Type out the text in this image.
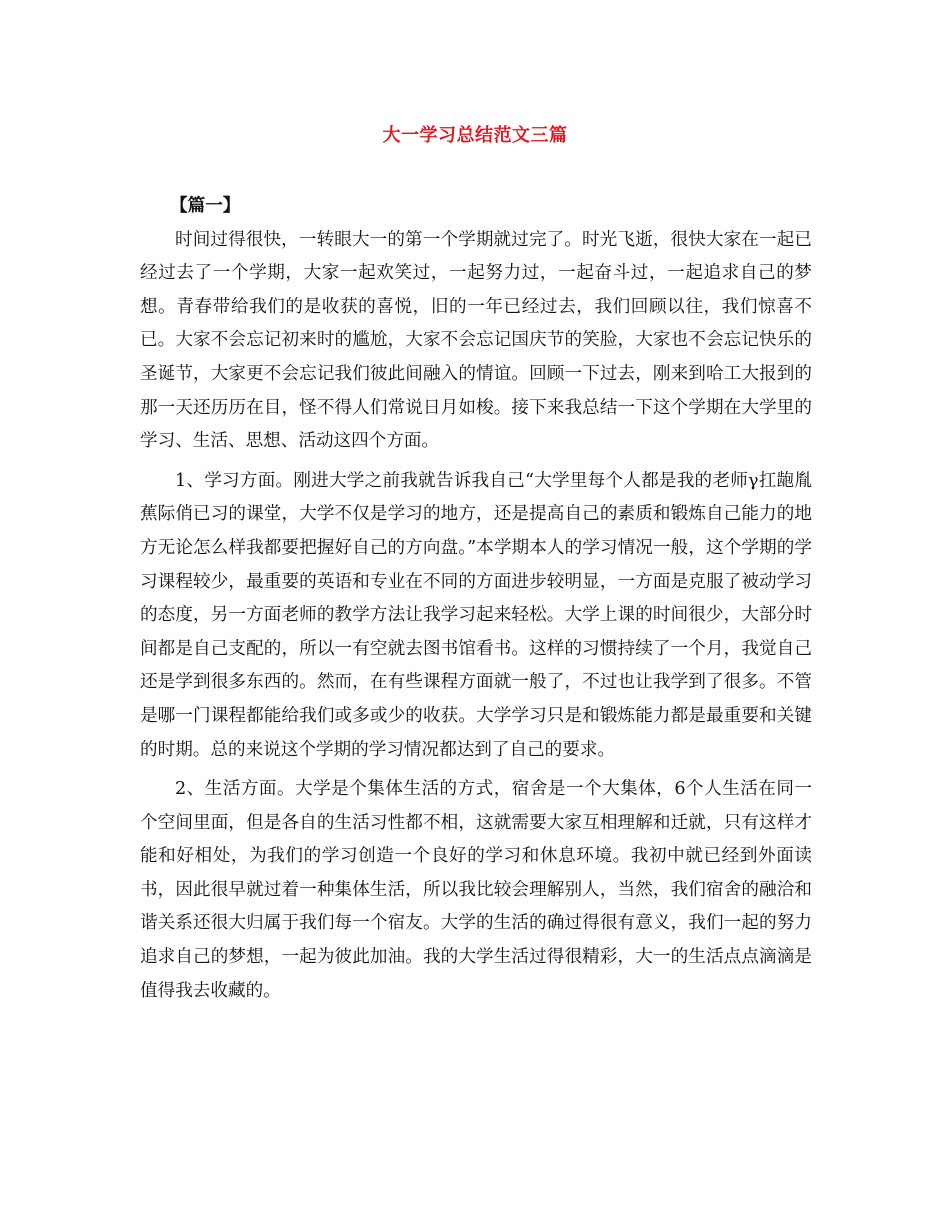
大一学习总结范文三篇

【篇一】

时间过得很快，一转眼大一的第一个学期就过完了。时光飞逝，很快大家在一起已经过去了一个学期，大家一起欢笑过，一起努力过，一起奋斗过，一起追求自己的梦想。青春带给我们的是收获的喜悦，旧的一年已经过去，我们回顾以往，我们惊喜不已。大家不会忘记初来时的尴尬，大家不会忘记国庆节的笑脸，大家也不会忘记快乐的圣诞节，大家更不会忘记我们彼此间融入的情谊。回顾一下过去，刚来到哈工大报到的那一天还历历在目，怪不得人们常说日月如梭。接下来我总结一下这个学期在大学里的学习、生活、思想、活动这四个方面。

1、学习方面。刚进大学之前我就告诉我自己“大学里每个人都是我的老师γ扛龅胤蕉际俏已习的课堂，大学不仅是学习的地方，还是提高自己的素质和锻炼自己能力的地方无论怎么样我都要把握好自己的方向盘。”本学期本人的学习情况一般，这个学期的学习课程较少，最重要的英语和专业在不同的方面进步较明显，一方面是克服了被动学习的态度，另一方面老师的教学方法让我学习起来轻松。大学上课的时间很少，大部分时间都是自己支配的，所以一有空就去图书馆看书。这样的习惯持续了一个月，我觉自己还是学到很多东西的。然而，在有些课程方面就一般了，不过也让我学到了很多。不管是哪一门课程都能给我们或多或少的收获。大学学习只是和锻炼能力都是最重要和关键的时期。总的来说这个学期的学习情况都达到了自己的要求。

2、生活方面。大学是个集体生活的方式，宿舍是一个大集体，6个人生活在同一个空间里面，但是各自的生活习性都不相，这就需要大家互相理解和迁就，只有这样才能和好相处，为我们的学习创造一个良好的学习和休息环境。我初中就已经到外面读书，因此很早就过着一种集体生活，所以我比较会理解别人，当然，我们宿舍的融洽和谐关系还很大归属于我们每一个宿友。大学的生活的确过得很有意义，我们一起的努力追求自己的梦想，一起为彼此加油。我的大学生活过得很精彩，大一的生活点点滴滴是值得我去收藏的。
